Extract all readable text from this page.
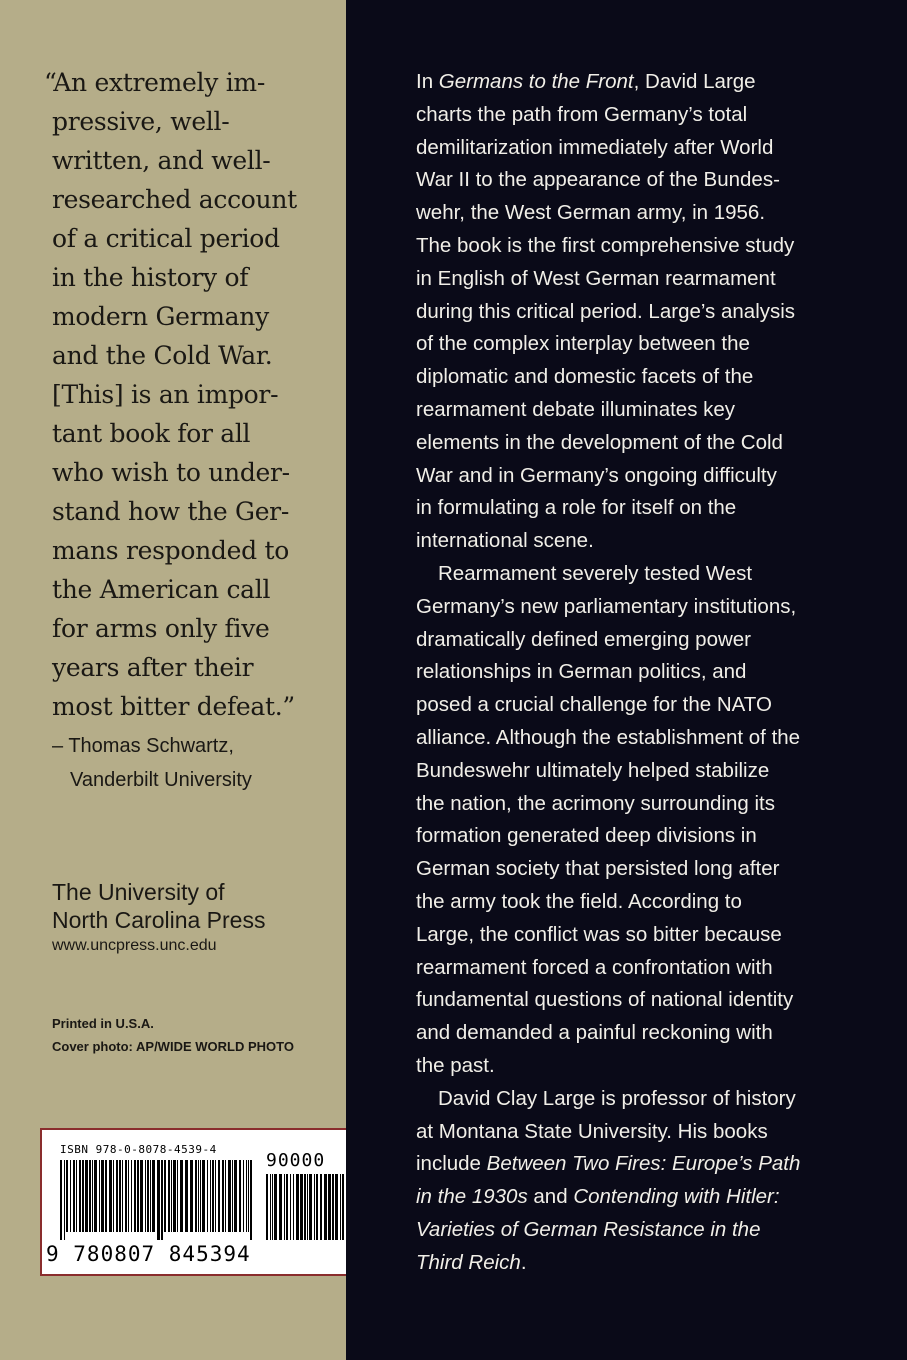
“An extremely im-
pressive, well-
written, and well-
researched account
of a critical period
in the history of
modern Germany
and the Cold War.
[This] is an impor-
tant book for all
who wish to under-
stand how the Ger-
mans responded to
the American call
for arms only five
years after their
most bitter defeat.”
– Thomas Schwartz,
Vanderbilt University
The University of
North Carolina Press
www.uncpress.unc.edu
Printed in U.S.A.
Cover photo: AP/WIDE WORLD PHOTO
ISBN 978-0-8078-4539-4
90000
9 780807 845394
In Germans to the Front, David Large
charts the path from Germany’s total
demilitarization immediately after World
War II to the appearance of the Bundes-
wehr, the West German army, in 1956.
The book is the first comprehensive study
in English of West German rearmament
during this critical period. Large’s analysis
of the complex interplay between the
diplomatic and domestic facets of the
rearmament debate illuminates key
elements in the development of the Cold
War and in Germany’s ongoing difficulty
in formulating a role for itself on the
international scene.
Rearmament severely tested West
Germany’s new parliamentary institutions,
dramatically defined emerging power
relationships in German politics, and
posed a crucial challenge for the NATO
alliance. Although the establishment of the
Bundeswehr ultimately helped stabilize
the nation, the acrimony surrounding its
formation generated deep divisions in
German society that persisted long after
the army took the field. According to
Large, the conflict was so bitter because
rearmament forced a confrontation with
fundamental questions of national identity
and demanded a painful reckoning with
the past.
David Clay Large is professor of history
at Montana State University. His books
include Between Two Fires: Europe’s Path
in the 1930s and Contending with Hitler:
Varieties of German Resistance in the
Third Reich.
